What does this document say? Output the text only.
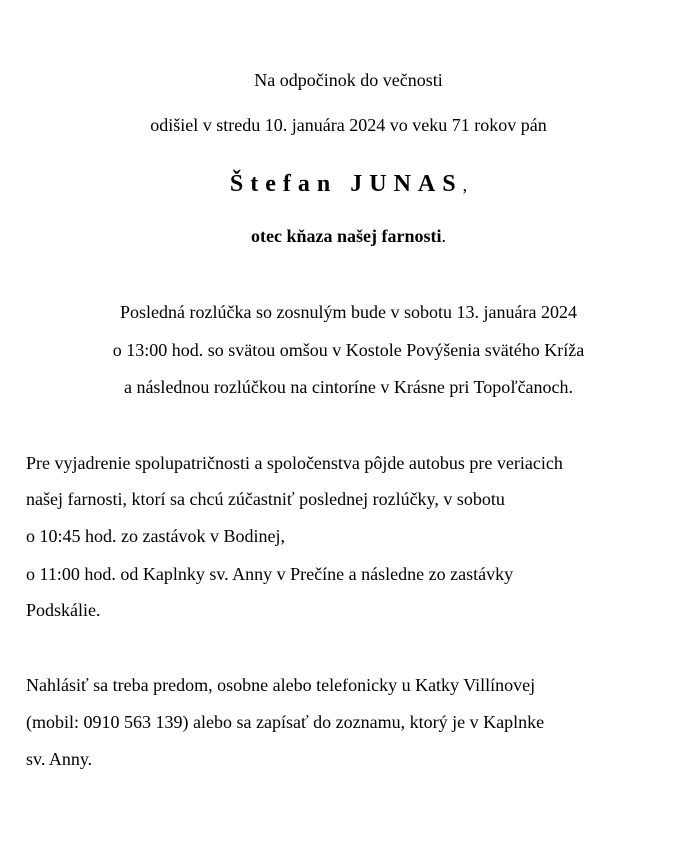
Na odpočinok do večnosti
odišiel v stredu 10. januára 2024 vo veku 71 rokov pán
Štefan JUNAS,
otec kňaza našej farnosti.
Posledná rozlúčka so zosnulým bude v sobotu 13. januára 2024
o 13:00 hod. so svätou omšou v Kostole Povýšenia svätého Kríža
a následnou rozlúčkou na cintoríne v Krásne pri Topoľčanoch.
Pre vyjadrenie spolupatričnosti a spoločenstva pôjde autobus pre veriacich
našej farnosti, ktorí sa chcú zúčastniť poslednej rozlúčky, v sobotu
o 10:45 hod. zo zastávok v Bodinej,
o 11:00 hod. od Kaplnky sv. Anny v Prečíne a následne zo zastávky
Podskálie.
Nahlásiť sa treba predom, osobne alebo telefonicky u Katky Villínovej
(mobil: 0910 563 139) alebo sa zapísať do zoznamu, ktorý je v Kaplnke
sv. Anny.
